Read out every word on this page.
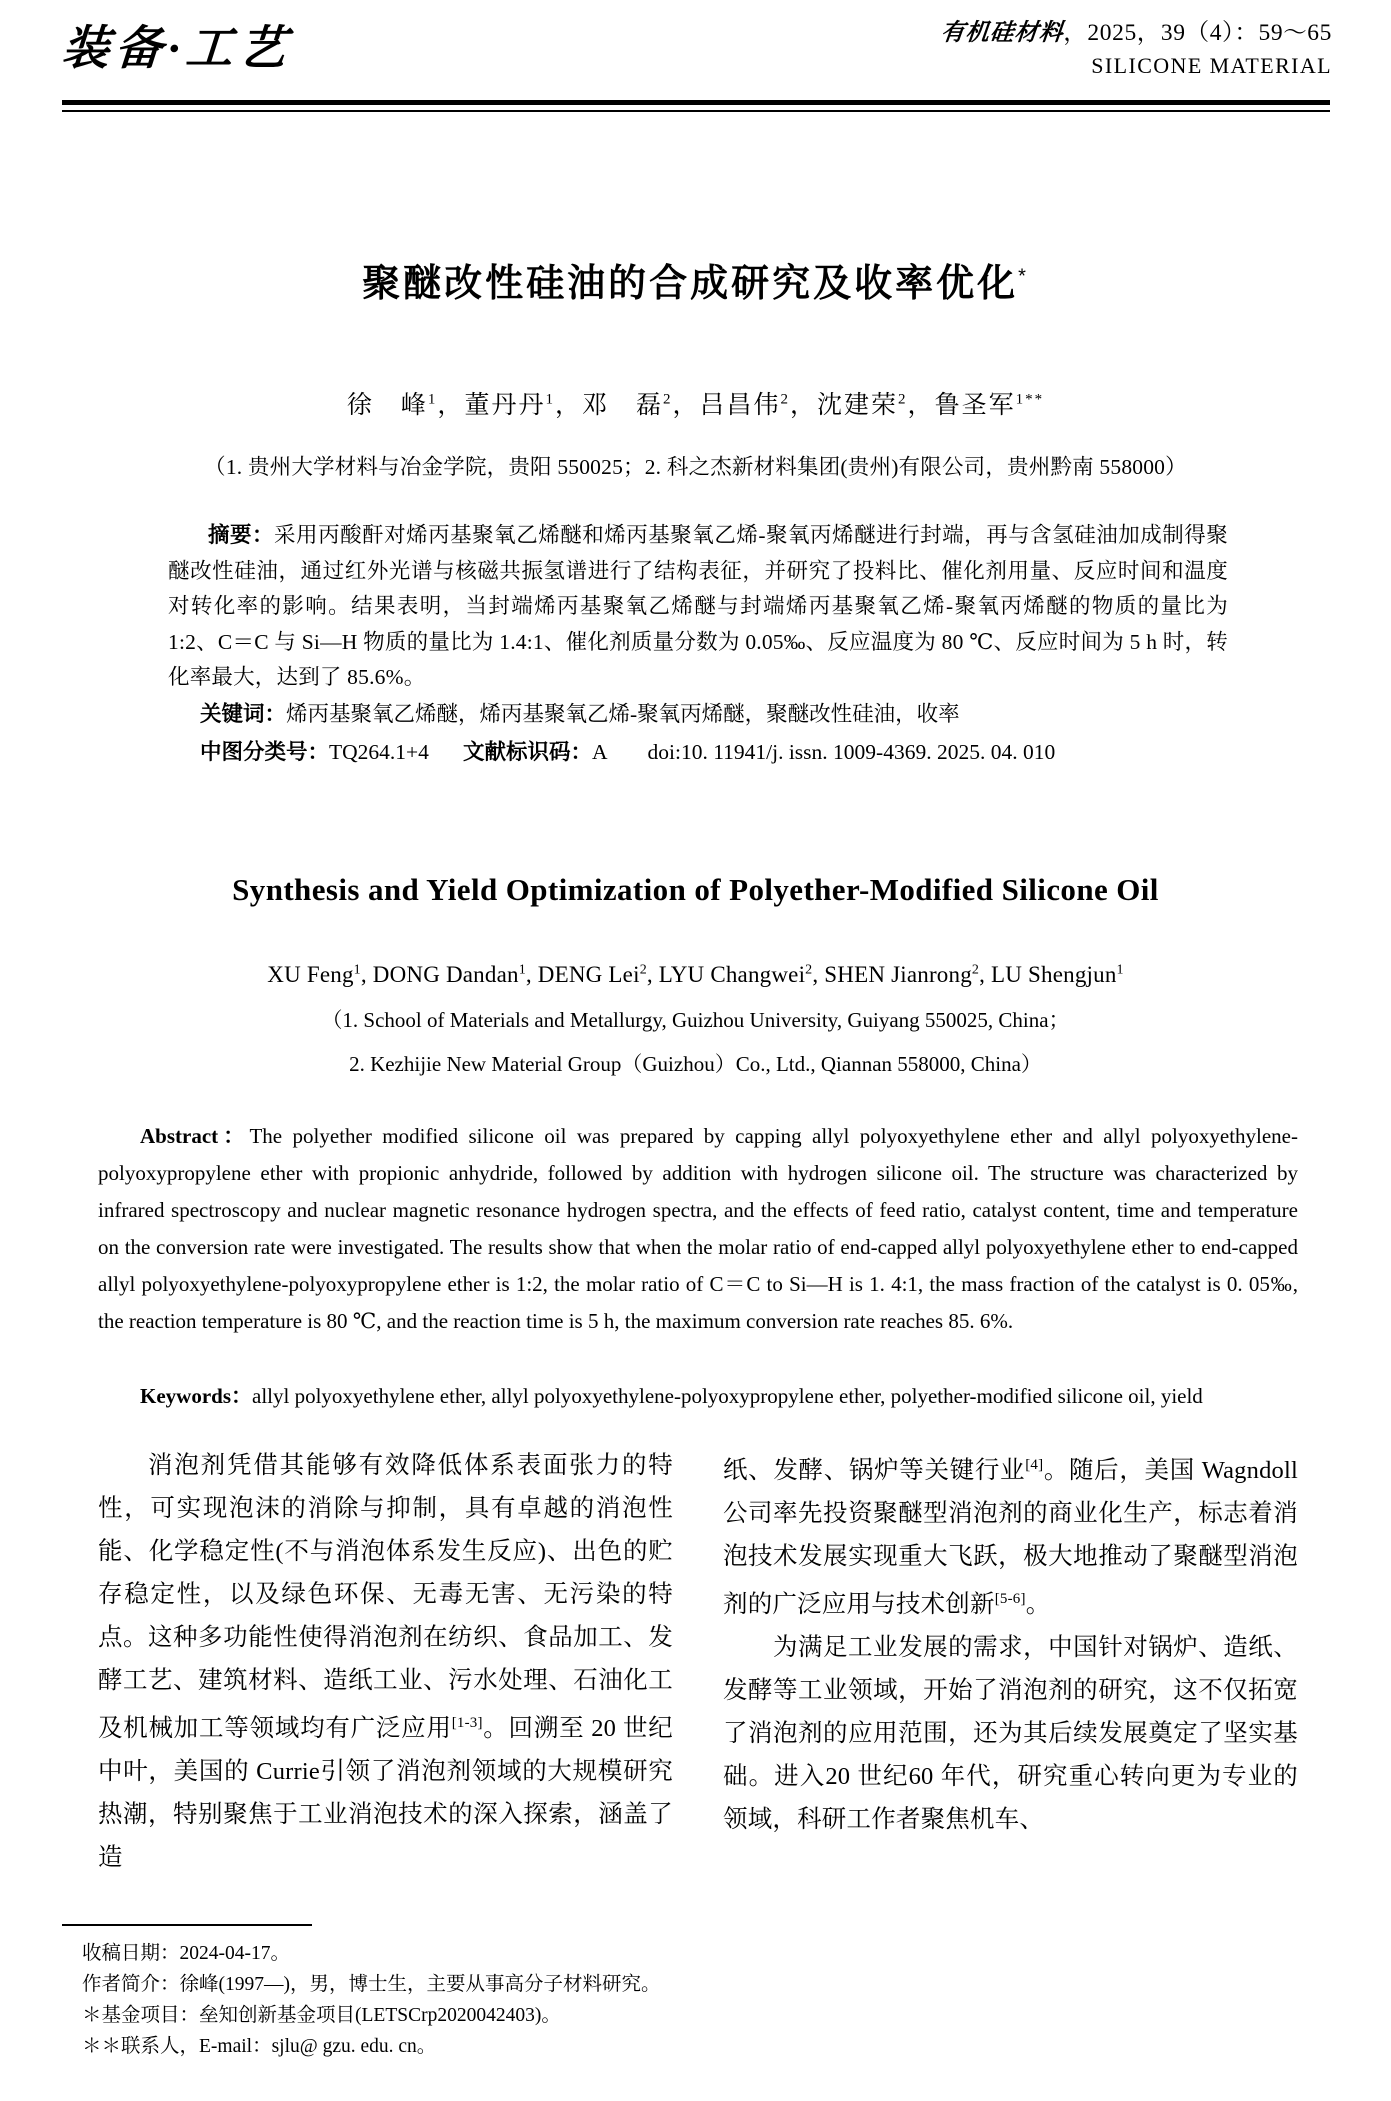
装备·工艺	有机硅材料，2025，39（4）：59～65
SILICONE MATERIAL
聚醚改性硅油的合成研究及收率优化*
徐　峰$^1$，董丹丹$^1$，邓　磊$^2$，吕昌伟$^2$，沈建荣$^2$，鲁圣军$^{1**}$
（1. 贵州大学材料与冶金学院，贵阳 550025；2. 科之杰新材料集团(贵州)有限公司，贵州黔南 558000）

摘要：采用丙酸酐对烯丙基聚氧乙烯醚和烯丙基聚氧乙烯-聚氧丙烯醚进行封端，再与含氢硅油加成制得聚醚改性硅油，通过红外光谱与核磁共振氢谱进行了结构表征，并研究了投料比、催化剂用量、反应时间和温度对转化率的影响。结果表明，当封端烯丙基聚氧乙烯醚与封端烯丙基聚氧乙烯-聚氧丙烯醚的物质的量比为 1:2、C＝C 与 Si—H 物质的量比为 1.4:1、催化剂质量分数为 0.05‰、反应温度为 80 ℃、反应时间为 5 h 时，转化率最大，达到了 85.6%。

关键词：烯丙基聚氧乙烯醚，烯丙基聚氧乙烯-聚氧丙烯醚，聚醚改性硅油，收率
中图分类号：TQ264.1+4 文献标识码：A doi:10. 11941/j. issn. 1009-4369. 2025. 04. 010
Synthesis and Yield Optimization of Polyether-Modified Silicone Oil
XU Feng$^1$, DONG Dandan$^1$, DENG Lei$^2$, LYU Changwei$^2$, SHEN Jianrong$^2$, LU Shengjun$^1$
（1. School of Materials and Metallurgy, Guizhou University, Guiyang 550025, China；
2. Kezhijie New Material Group（Guizhou）Co., Ltd., Qiannan 558000, China）

Abstract：The polyether modified silicone oil was prepared by capping allyl polyoxyethylene ether and allyl polyoxyethylene-polyoxypropylene ether with propionic anhydride, followed by addition with hydrogen silicone oil. The structure was characterized by infrared spectroscopy and nuclear magnetic resonance hydrogen spectra, and the effects of feed ratio, catalyst content, time and temperature on the conversion rate were investigated. The results show that when the molar ratio of end-capped allyl polyoxyethylene ether to end-capped allyl polyoxyethylene-polyoxypropylene ether is 1:2, the molar ratio of C＝C to Si—H is 1. 4:1, the mass fraction of the catalyst is 0. 05‰, the reaction temperature is 80 ℃, and the reaction time is 5 h, the maximum conversion rate reaches 85. 6%.

Keywords：allyl polyoxyethylene ether, allyl polyoxyethylene-polyoxypropylene ether, polyether-modified silicone oil, yield

消泡剂凭借其能够有效降低体系表面张力的特性，可实现泡沫的消除与抑制，具有卓越的消泡性能、化学稳定性(不与消泡体系发生反应)、出色的贮存稳定性，以及绿色环保、无毒无害、无污染的特点。这种多功能性使得消泡剂在纺织、食品加工、发酵工艺、建筑材料、造纸工业、污水处理、石油化工及机械加工等领域均有广泛应用[1-3]。回溯至 20 世纪中叶，美国的 Currie引领了消泡剂领域的大规模研究热潮，特别聚焦于工业消泡技术的深入探索，涵盖了造

纸、发酵、锅炉等关键行业[4]。随后，美国 Wagndoll 公司率先投资聚醚型消泡剂的商业化生产，标志着消泡技术发展实现重大飞跃，极大地推动了聚醚型消泡剂的广泛应用与技术创新[5-6]。

为满足工业发展的需求，中国针对锅炉、造纸、发酵等工业领域，开始了消泡剂的研究，这不仅拓宽了消泡剂的应用范围，还为其后续发展奠定了坚实基础。进入20 世纪60 年代，研究重心转向更为专业的领域，科研工作者聚焦机车、

收稿日期：2024-04-17。
作者简介：徐峰(1997—)，男，博士生，主要从事高分子材料研究。
＊基金项目：垒知创新基金项目(LETSCrp2020042403)。
＊＊联系人，E-mail：sjlu@ gzu. edu. cn。
